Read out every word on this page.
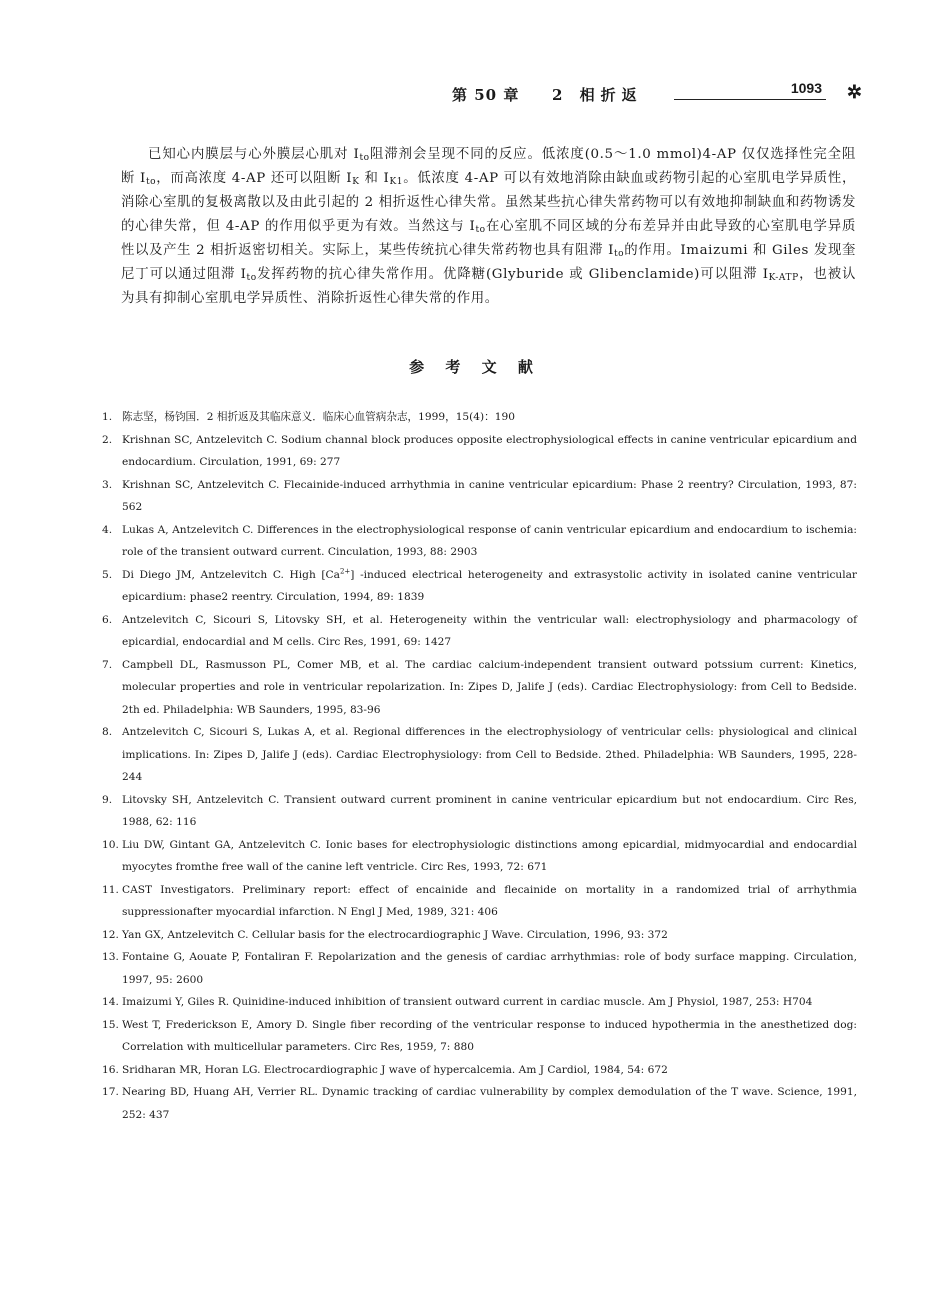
第 50 章 2 相折返	1093 ✲

已知心内膜层与心外膜层心肌对 $I_{to}$阻滞剂会呈现不同的反应。低浓度(0.5～1.0 mmol)4-AP 仅仅选择性完全阻断 $I_{to}$，而高浓度 4-AP 还可以阻断 $I_K$ 和 $I_{K1}$。低浓度 4-AP 可以有效地消除由缺血或药物引起的心室肌电学异质性，消除心室肌的复极离散以及由此引起的 2 相折返性心律失常。虽然某些抗心律失常药物可以有效地抑制缺血和药物诱发的心律失常，但 4-AP 的作用似乎更为有效。当然这与 $I_{to}$在心室肌不同区域的分布差异并由此导致的心室肌电学异质性以及产生 2 相折返密切相关。实际上，某些传统抗心律失常药物也具有阻滞 $I_{to}$的作用。Imaizumi 和 Giles 发现奎尼丁可以通过阻滞 $I_{to}$发挥药物的抗心律失常作用。优降糖(Glyburide 或 Glibenclamide)可以阻滞 $I_{K-ATP}$，也被认为具有抑制心室肌电学异质性、消除折返性心律失常的作用。

参 考 文 献
1. 陈志坚，杨钧国．2 相折返及其临床意义．临床心血管病杂志，1999，15(4)：190
2. Krishnan SC, Antzelevitch C. Sodium channal block produces opposite electrophysiological effects in canine ventricular epicardium and endocardium. Circulation, 1991, 69: 277
3. Krishnan SC, Antzelevitch C. Flecainide-induced arrhythmia in canine ventricular epicardium: Phase 2 reentry? Circulation, 1993, 87: 562
4. Lukas A, Antzelevitch C. Differences in the electrophysiological response of canin ventricular epicardium and endocardium to ischemia: role of the transient outward current. Cinculation, 1993, 88: 2903
5. Di Diego JM, Antzelevitch C. High $[Ca^{2+}]$ -induced electrical heterogeneity and extrasystolic activity in isolated canine ventricular epicardium: phase2 reentry. Circulation, 1994, 89: 1839
6. Antzelevitch C, Sicouri S, Litovsky SH, et al. Heterogeneity within the ventricular wall: electrophysiology and pharmacology of epicardial, endocardial and M cells. Circ Res, 1991, 69: 1427
7. Campbell DL, Rasmusson PL, Comer MB, et al. The cardiac calcium-independent transient outward potssium current: Kinetics, molecular properties and role in ventricular repolarization. In: Zipes D, Jalife J (eds). Cardiac Electrophysiology: from Cell to Bedside. 2th ed. Philadelphia: WB Saunders, 1995, 83-96
8. Antzelevitch C, Sicouri S, Lukas A, et al. Regional differences in the electrophysiology of ventricular cells: physiological and clinical implications. In: Zipes D, Jalife J (eds). Cardiac Electrophysiology: from Cell to Bedside. 2thed. Philadelphia: WB Saunders, 1995, 228-244
9. Litovsky SH, Antzelevitch C. Transient outward current prominent in canine ventricular epicardium but not endocardium. Circ Res, 1988, 62: 116
10. Liu DW, Gintant GA, Antzelevitch C. Ionic bases for electrophysiologic distinctions among epicardial, midmyocardial and endocardial myocytes fromthe free wall of the canine left ventricle. Circ Res, 1993, 72: 671
11. CAST Investigators. Preliminary report: effect of encainide and flecainide on mortality in a randomized trial of arrhythmia suppressionafter myocardial infarction. N Engl J Med, 1989, 321: 406
12. Yan GX, Antzelevitch C. Cellular basis for the electrocardiographic J Wave. Circulation, 1996, 93: 372
13. Fontaine G, Aouate P, Fontaliran F. Repolarization and the genesis of cardiac arrhythmias: role of body surface mapping. Circulation, 1997, 95: 2600
14. Imaizumi Y, Giles R. Quinidine-induced inhibition of transient outward current in cardiac muscle. Am J Physiol, 1987, 253: H704
15. West T, Frederickson E, Amory D. Single fiber recording of the ventricular response to induced hypothermia in the anesthetized dog: Correlation with multicellular parameters. Circ Res, 1959, 7: 880
16. Sridharan MR, Horan LG. Electrocardiographic J wave of hypercalcemia. Am J Cardiol, 1984, 54: 672
17. Nearing BD, Huang AH, Verrier RL. Dynamic tracking of cardiac vulnerability by complex demodulation of the T wave. Science, 1991, 252: 437
